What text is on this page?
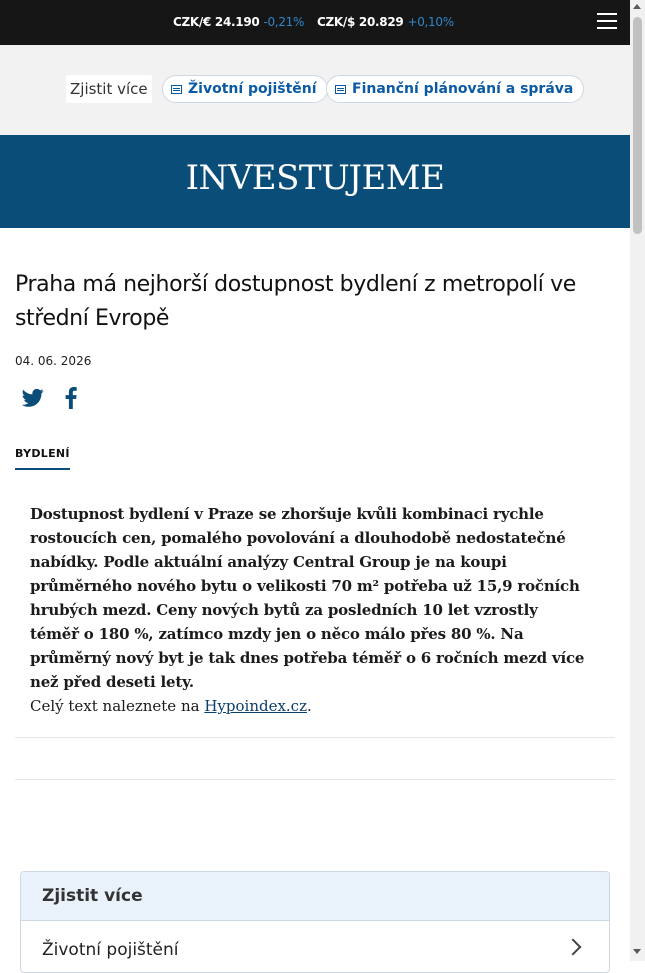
CZK/€ 24.190 -0,21% CZK/$ 20.829 +0,10%
Zjistit více	Životní pojištění	Finanční plánování a správa
INVESTUJEME
Praha má nejhorší dostupnost bydlení z metropolí ve střední Evropě
04. 06. 2026
BYDLENÍ

Dostupnost bydlení v Praze se zhoršuje kvůli kombinaci rychle rostoucích cen, pomalého povolování a dlouhodobě nedostatečné nabídky. Podle aktuální analýzy Central Group je na koupi průměrného nového bytu o velikosti 70 m² potřeba už 15,9 ročních hrubých mezd. Ceny nových bytů za posledních 10 let vzrostly téměř o 180 %, zatímco mzdy jen o něco málo přes 80 %. Na průměrný nový byt je tak dnes potřeba téměř o 6 ročních mezd více než před deseti lety.

Celý text naleznete na Hypoindex.cz.

Zjistit více
Životní pojištění
